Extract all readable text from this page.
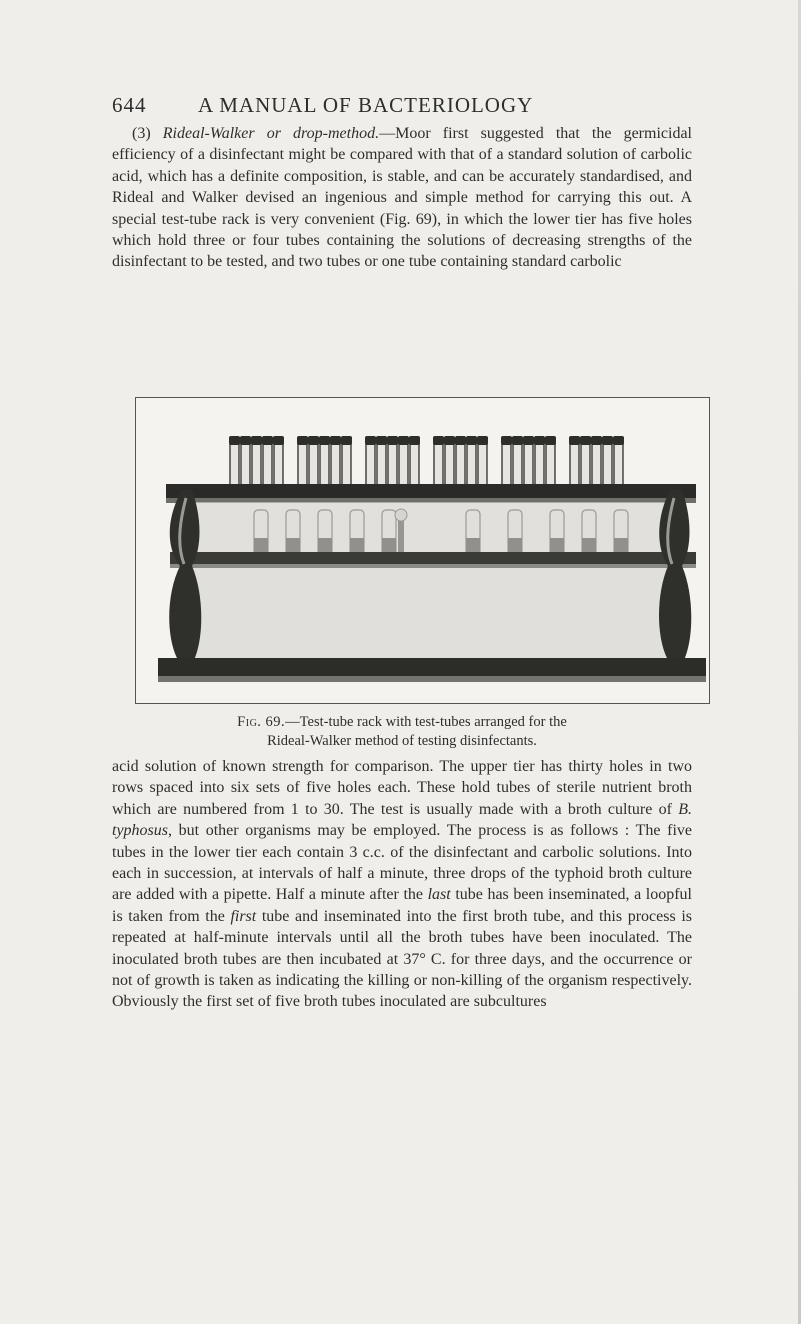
644 A MANUAL OF BACTERIOLOGY

(3) Rideal-Walker or drop-method.—Moor first suggested that the germicidal efficiency of a disinfectant might be compared with that of a standard solution of carbolic acid, which has a definite composition, is stable, and can be accurately standardised, and Rideal and Walker devised an ingenious and simple method for carrying this out. A special test-tube rack is very convenient (Fig. 69), in which the lower tier has five holes which hold three or four tubes containing the solutions of decreasing strengths of the disinfectant to be tested, and two tubes or one tube containing standard carbolic

Fig. 69.—Test-tube rack with test-tubes arranged for the
Rideal-Walker method of testing disinfectants.

acid solution of known strength for comparison. The upper tier has thirty holes in two rows spaced into six sets of five holes each. These hold tubes of sterile nutrient broth which are numbered from 1 to 30. The test is usually made with a broth culture of B. typhosus, but other organisms may be employed. The process is as follows : The five tubes in the lower tier each contain 3 c.c. of the disinfectant and carbolic solutions. Into each in succession, at intervals of half a minute, three drops of the typhoid broth culture are added with a pipette. Half a minute after the last tube has been inseminated, a loopful is taken from the first tube and inseminated into the first broth tube, and this process is repeated at half-minute intervals until all the broth tubes have been inoculated. The inoculated broth tubes are then incubated at 37° C. for three days, and the occurrence or not of growth is taken as indicating the killing or non-killing of the organism respectively. Obviously the first set of five broth tubes inoculated are subcultures
